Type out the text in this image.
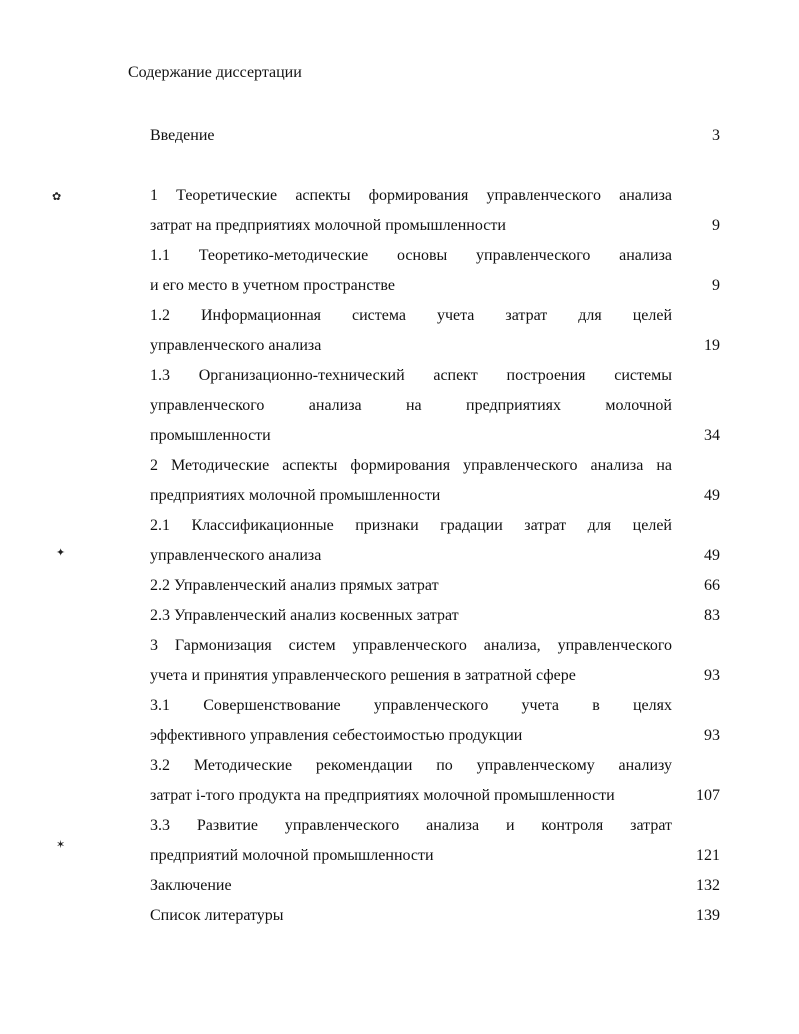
Содержание диссертации
✿
✦
✶
Введение	3
1 Теоретические аспекты формирования управленческого анализа
затрат на предприятиях молочной промышленности	9
1.1 Теоретико-методические основы управленческого анализа
и его место в учетном пространстве	9
1.2 Информационная система учета затрат для целей
управленческого анализа	19
1.3 Организационно-технический аспект построения системы
управленческого анализа на предприятиях молочной
промышленности	34
2 Методические аспекты формирования управленческого анализа на
предприятиях молочной промышленности	49
2.1 Классификационные признаки градации затрат для целей
управленческого анализа	49
2.2 Управленческий анализ прямых затрат	66
2.3 Управленческий анализ косвенных затрат	83
3 Гармонизация систем управленческого анализа, управленческого
учета и принятия управленческого решения в затратной сфере	93
3.1 Совершенствование управленческого учета в целях
эффективного управления себестоимостью продукции	93
3.2 Методические рекомендации по управленческому анализу
затрат i-того продукта на предприятиях молочной промышленности	107
3.3 Развитие управленческого анализа и контроля затрат
предприятий молочной промышленности	121
Заключение	132
Список литературы	139
